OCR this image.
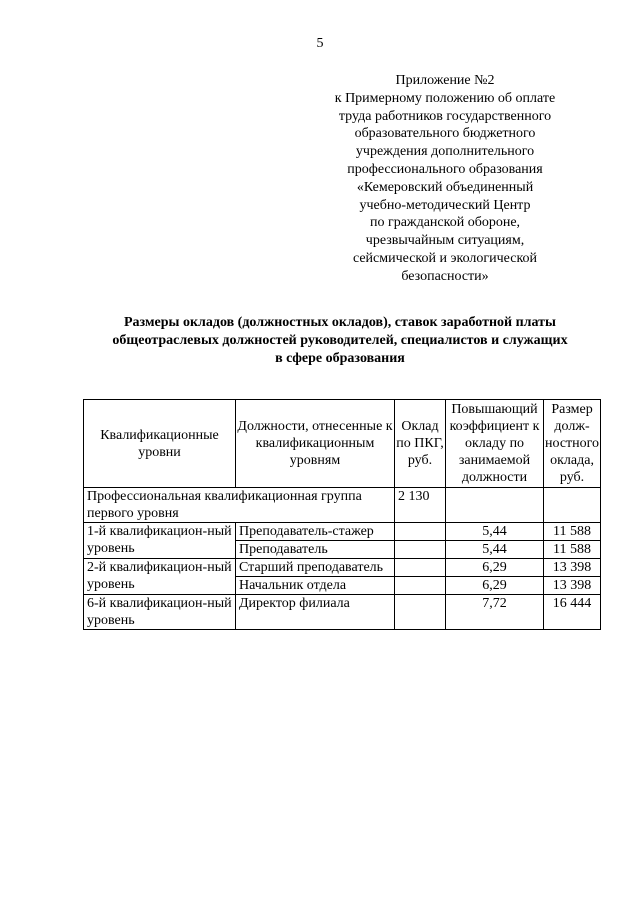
5
Приложение №2
к Примерному положению об оплате
труда работников государственного
образовательного бюджетного
учреждения дополнительного
профессионального образования
«Кемеровский объединенный
учебно-методический Центр
по гражданской обороне,
чрезвычайным ситуациям,
сейсмической и экологической
безопасности»
Размеры окладов (должностных окладов), ставок заработной платы
общеотраслевых должностей руководителей, специалистов и служащих
в сфере образования
Квалификационные уровни	Должности, отнесенные к квалификационным уровням	Оклад по ПКГ, руб.	Повышающий коэффициент к окладу по занимаемой должности	Размер долж-ностного оклада, руб.
Профессиональная квалификационная группа первого уровня		2 130		
1-й квалификацион-ный уровень	Преподаватель-стажер		5,44	11 588
	Преподаватель		5,44	11 588
2-й квалификацион-ный уровень	Старший преподаватель		6,29	13 398
	Начальник отдела		6,29	13 398
6-й квалификацион-ный уровень	Директор филиала		7,72	16 444
